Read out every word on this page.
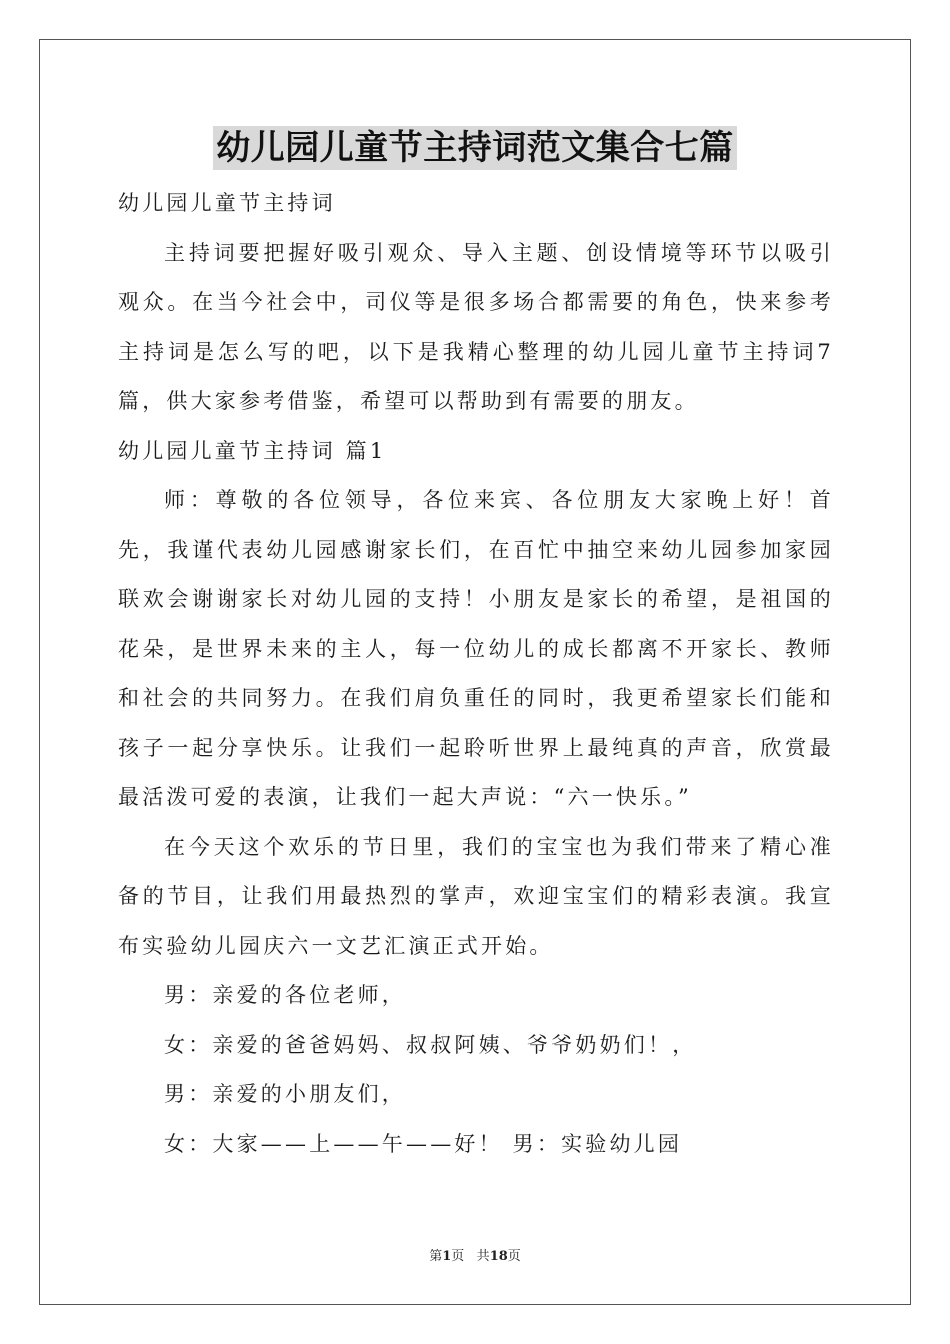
幼儿园儿童节主持词范文集合七篇

幼儿园儿童节主持词

主持词要把握好吸引观众、导入主题、创设情境等环节以吸引观众。在当今社会中，司仪等是很多场合都需要的角色，快来参考主持词是怎么写的吧，以下是我精心整理的幼儿园儿童节主持词7篇，供大家参考借鉴，希望可以帮助到有需要的朋友。

幼儿园儿童节主持词 篇1

师：尊敬的各位领导，各位来宾、各位朋友大家晚上好！首先，我谨代表幼儿园感谢家长们，在百忙中抽空来幼儿园参加家园联欢会谢谢家长对幼儿园的支持！小朋友是家长的希望，是祖国的花朵，是世界未来的主人，每一位幼儿的成长都离不开家长、教师和社会的共同努力。在我们肩负重任的同时，我更希望家长们能和孩子一起分享快乐。让我们一起聆听世界上最纯真的声音，欣赏最最活泼可爱的表演，让我们一起大声说：“六一快乐。”

在今天这个欢乐的节日里，我们的宝宝也为我们带来了精心准备的节目，让我们用最热烈的掌声，欢迎宝宝们的精彩表演。我宣布实验幼儿园庆六一文艺汇演正式开始。

男：亲爱的各位老师，

女：亲爱的爸爸妈妈、叔叔阿姨、爷爷奶奶们！，

男：亲爱的小朋友们，

女：大家——上——午——好！ 男：实验幼儿园

第1页 共18页
